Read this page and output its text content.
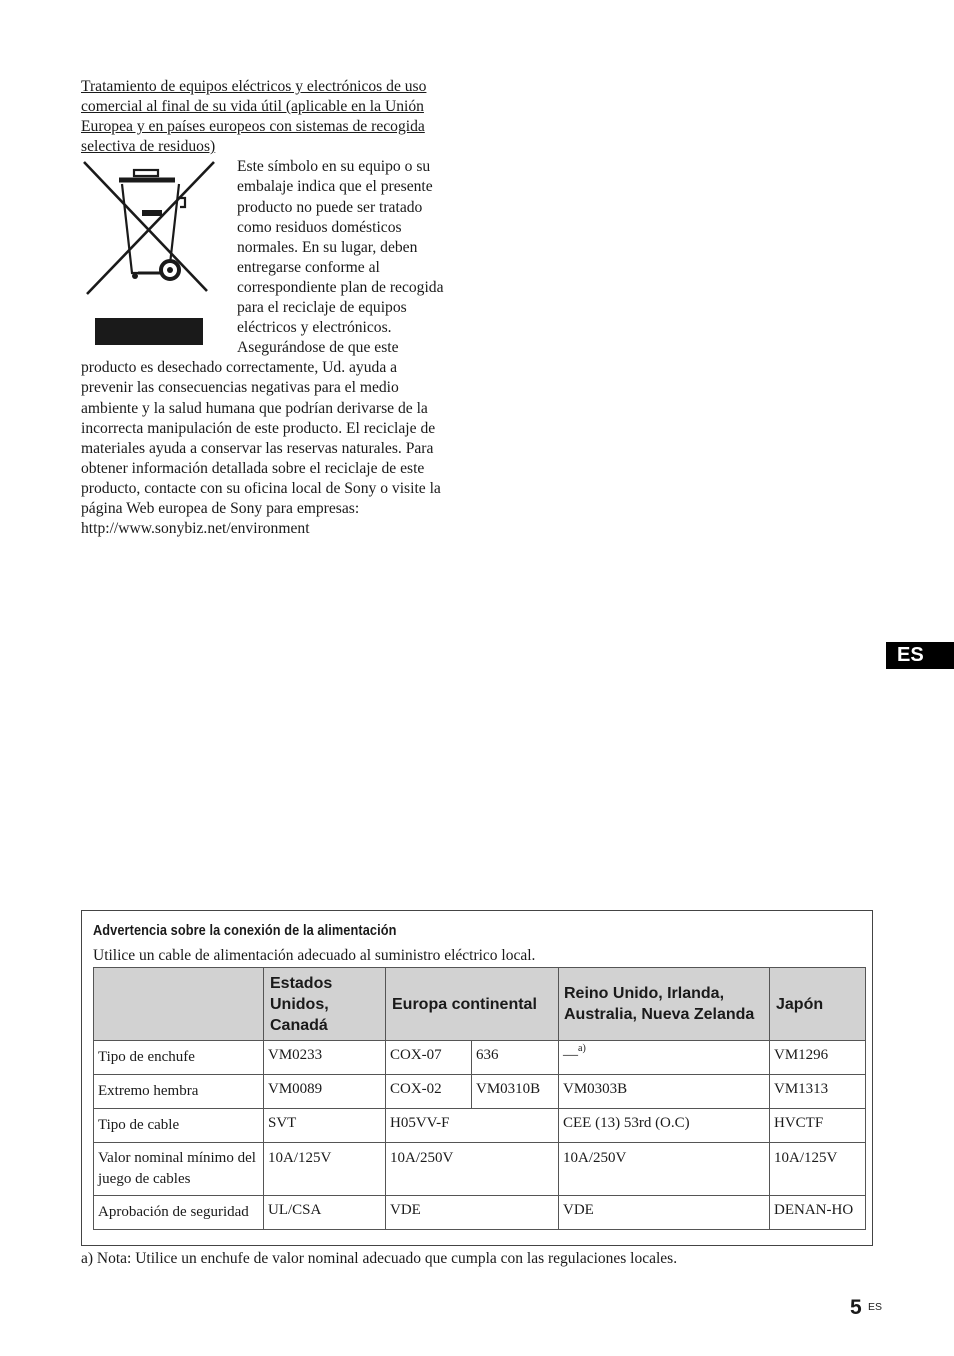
Tratamiento de equipos eléctricos y electrónicos de uso comercial al final de su vida útil (aplicable en la Unión Europea y en países europeos con sistemas de recogida selectiva de residuos)

Este símbolo en su equipo o su embalaje indica que el presente producto no puede ser tratado como residuos domésticos normales. En su lugar, deben entregarse conforme al correspondiente plan de recogida para el reciclaje de equipos eléctricos y electrónicos. Asegurándose de que este producto es desechado correctamente, Ud. ayuda a prevenir las consecuencias negativas para el medio ambiente y la salud humana que podrían derivarse de la incorrecta manipulación de este producto. El reciclaje de materiales ayuda a conservar las reservas naturales. Para obtener información detallada sobre el reciclaje de este producto, contacte con su oficina local de Sony o visite la página Web europea de Sony para empresas:

http://www.sonybiz.net/environment
ES
Advertencia sobre la conexión de la alimentación

Utilice un cable de alimentación adecuado al suministro eléctrico local.

	Estados Unidos, Canadá	Europa continental		Reino Unido, Irlanda, Australia, Nueva Zelanda	Japón
Tipo de enchufe	VM0233	COX-07	636	—$^{a)}$	VM1296
Extremo hembra	VM0089	COX-02	VM0310B	VM0303B	VM1313
Tipo de cable	SVT	H05VV-F		CEE (13) 53rd (O.C)	HVCTF
Valor nominal mínimo del juego de cables	10A/125V	10A/250V		10A/250V	10A/125V
Aprobación de seguridad	UL/CSA	VDE		VDE	DENAN-HO

a) Nota: Utilice un enchufe de valor nominal adecuado que cumpla con las regulaciones locales.

5 ES
